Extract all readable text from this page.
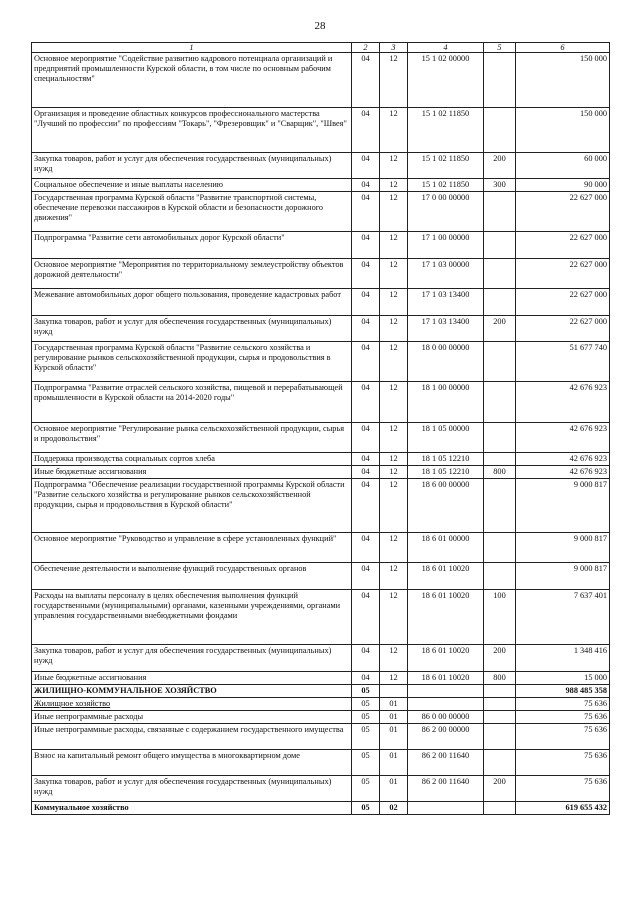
28
1	2	3	4	5	6
Основное мероприятие "Содействие развитию кадрового потенциала организаций и предприятий промышленности Курской области, в том числе по основным рабочим специальностям"	04	12	15 1 02 00000		150 000
Организация и проведение областных конкурсов профессионального мастерства "Лучший по профессии" по профессиям "Токарь", "Фрезеровщик" и "Сварщик", "Швея"	04	12	15 1 02 11850		150 000
Закупка товаров, работ и услуг для обеспечения государственных (муниципальных) нужд	04	12	15 1 02 11850	200	60 000
Социальное обеспечение и иные выплаты населению	04	12	15 1 02 11850	300	90 000
Государственная программа Курской области "Развитие транспортной системы, обеспечение перевозки пассажиров в Курской области и безопасности дорожного движения"	04	12	17 0 00 00000		22 627 000
Подпрограмма "Развитие сети автомобильных дорог Курской области"	04	12	17 1 00 00000		22 627 000
Основное мероприятие "Мероприятия по территориальному землеустройству объектов дорожной деятельности"	04	12	17 1 03 00000		22 627 000
Межевание автомобильных дорог общего пользования, проведение кадастровых работ	04	12	17 1 03 13400		22 627 000
Закупка товаров, работ и услуг для обеспечения государственных (муниципальных) нужд	04	12	17 1 03 13400	200	22 627 000
Государственная программа Курской области "Развитие сельского хозяйства и регулирование рынков сельскохозяйственной продукции, сырья и продовольствия в Курской области"	04	12	18 0 00 00000		51 677 740
Подпрограмма "Развитие отраслей сельского хозяйства, пищевой и перерабатывающей промышленности в Курской области на 2014-2020 годы"	04	12	18 1 00 00000		42 676 923
Основное мероприятие "Регулирование рынка сельскохозяйственной продукции, сырья и продовольствия"	04	12	18 1 05 00000		42 676 923
Поддержка производства социальных сортов хлеба	04	12	18 1 05 12210		42 676 923
Иные бюджетные ассигнования	04	12	18 1 05 12210	800	42 676 923
Подпрограмма "Обеспечение реализации государственной программы Курской области "Развитие сельского хозяйства и регулирование рынков сельскохозяйственной продукции, сырья и продовольствия в Курской области"	04	12	18 6 00 00000		9 000 817
Основное мероприятие "Руководство и управление в сфере установленных функций"	04	12	18 6 01 00000		9 000 817
Обеспечение деятельности и выполнение функций государственных органов	04	12	18 6 01 10020		9 000 817
Расходы на выплаты персоналу в целях обеспечения выполнения функций государственными (муниципальными) органами, казенными учреждениями, органами управления государственными внебюджетными фондами	04	12	18 6 01 10020	100	7 637 401
Закупка товаров, работ и услуг для обеспечения государственных (муниципальных) нужд	04	12	18 6 01 10020	200	1 348 416
Иные бюджетные ассигнования	04	12	18 6 01 10020	800	15 000
ЖИЛИЩНО-КОММУНАЛЬНОЕ ХОЗЯЙСТВО	05				988 485 358
Жилищное хозяйство	05	01			75 636
Иные непрограммные расходы	05	01	86 0 00 00000		75 636
Иные непрограммные расходы, связанные с содержанием государственного имущества	05	01	86 2 00 00000		75 636
Взнос на капитальный ремонт общего имущества в многоквартирном доме	05	01	86 2 00 11640		75 636
Закупка товаров, работ и услуг для обеспечения государственных (муниципальных) нужд	05	01	86 2 00 11640	200	75 636
Коммунальное хозяйство	05	02			619 655 432
